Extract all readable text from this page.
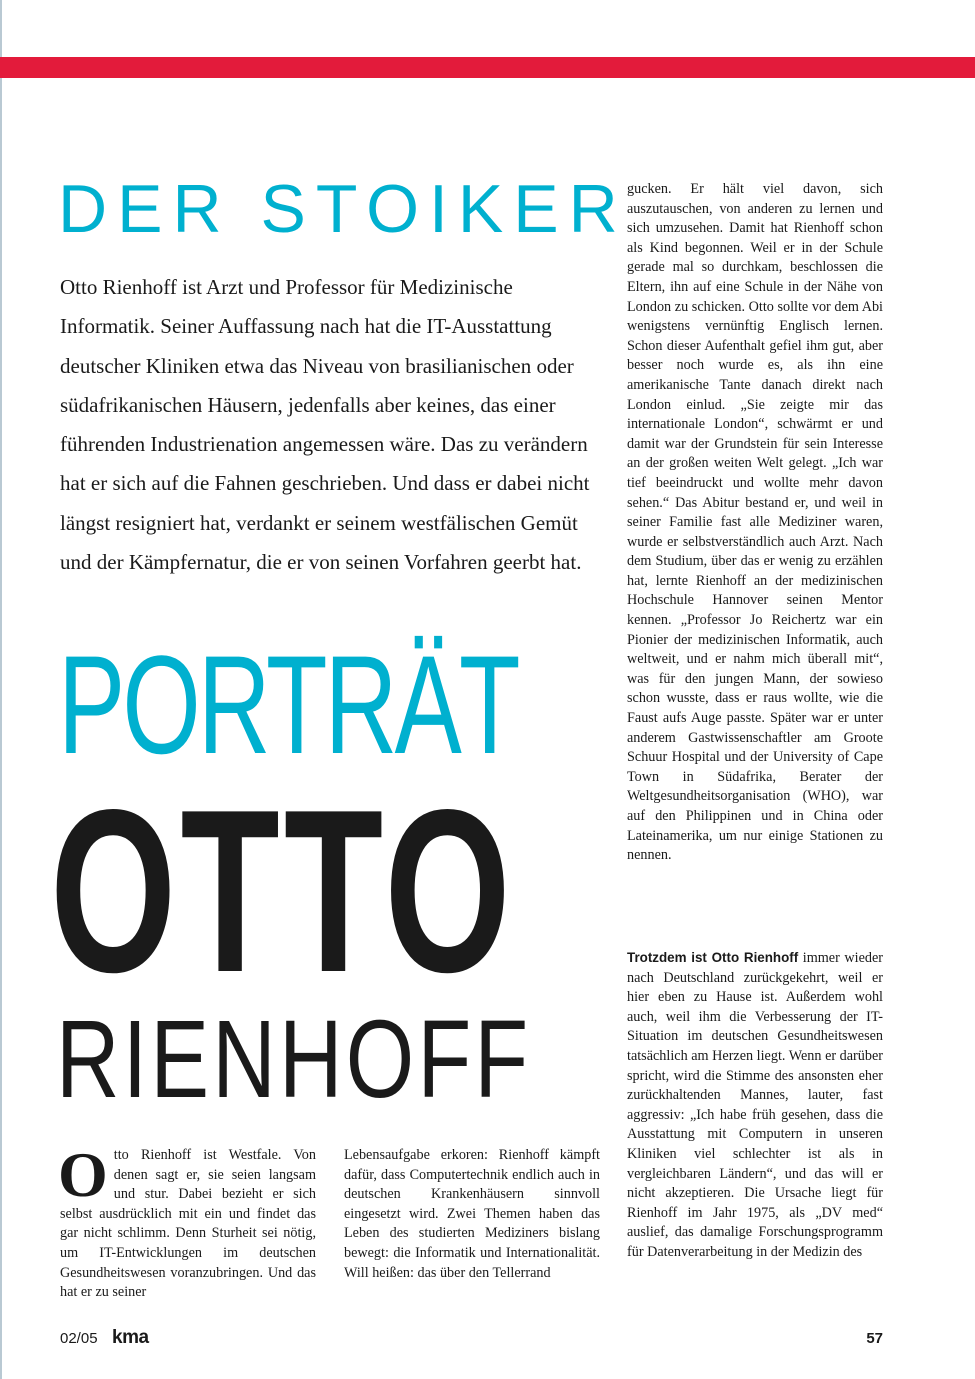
DER STOIKER

Otto Rienhoff ist Arzt und Professor für Medizinische Informatik. Seiner Auffassung nach hat die IT-Ausstattung deutscher Kliniken etwa das Niveau von brasilianischen oder südafrikanischen Häusern, jedenfalls aber keines, das einer führenden Industrienation angemessen wäre. Das zu verändern hat er sich auf die Fahnen geschrieben. Und dass er dabei nicht längst resigniert hat, verdankt er seinem westfälischen Gemüt und der Kämpfernatur, die er von seinen Vorfahren geerbt hat.

PORTRÄT
OTTO
RIENHOFF

Otto Rienhoff ist Westfale. Von denen sagt er, sie seien langsam und stur. Dabei bezieht er sich selbst ausdrücklich mit ein und findet das gar nicht schlimm. Denn Sturheit sei nötig, um IT-Entwicklungen im deutschen Gesundheitswesen voranzubringen. Und das hat er zu seiner

Lebensaufgabe erkoren: Rienhoff kämpft dafür, dass Computertechnik endlich auch in deutschen Krankenhäusern sinnvoll eingesetzt wird. Zwei Themen haben das Leben des studierten Mediziners bislang bewegt: die Informatik und Internationalität. Will heißen: das über den Tellerrand

gucken. Er hält viel davon, sich auszutauschen, von anderen zu lernen und sich umzusehen. Damit hat Rienhoff schon als Kind begonnen. Weil er in der Schule gerade mal so durchkam, beschlossen die Eltern, ihn auf eine Schule in der Nähe von London zu schicken. Otto sollte vor dem Abi wenigstens vernünftig Englisch lernen. Schon dieser Aufenthalt gefiel ihm gut, aber besser noch wurde es, als ihn eine amerikanische Tante danach direkt nach London einlud. „Sie zeigte mir das internationale London“, schwärmt er und damit war der Grundstein für sein Interesse an der großen weiten Welt gelegt. „Ich war tief beeindruckt und wollte mehr davon sehen.“ Das Abitur bestand er, und weil in seiner Familie fast alle Mediziner waren, wurde er selbstverständlich auch Arzt. Nach dem Studium, über das er wenig zu erzählen hat, lernte Rienhoff an der medizinischen Hochschule Hannover seinen Mentor kennen. „Professor Jo Reichertz war ein Pionier der medizinischen Informatik, auch weltweit, und er nahm mich überall mit“, was für den jungen Mann, der sowieso schon wusste, dass er raus wollte, wie die Faust aufs Auge passte. Später war er unter anderem Gastwissenschaftler am Groote Schuur Hospital und der University of Cape Town in Südafrika, Berater der Weltgesundheitsorganisation (WHO), war auf den Philippinen und in China oder Lateinamerika, um nur einige Stationen zu nennen.

Trotzdem ist Otto Rienhoff immer wieder nach Deutschland zurückgekehrt, weil er hier eben zu Hause ist. Außerdem wohl auch, weil ihm die Verbesserung der IT-Situation im deutschen Gesundheitswesen tatsächlich am Herzen liegt. Wenn er darüber spricht, wird die Stimme des ansonsten eher zurückhaltenden Mannes, lauter, fast aggressiv: „Ich habe früh gesehen, dass die Ausstattung mit Computern in unseren Kliniken viel schlechter ist als in vergleichbaren Ländern“, und das will er nicht akzeptieren. Die Ursache liegt für Rienhoff im Jahr 1975, als „DV med“ auslief, das damalige Forschungsprogramm für Datenverarbeitung in der Medizin des

02/05 kma	57
